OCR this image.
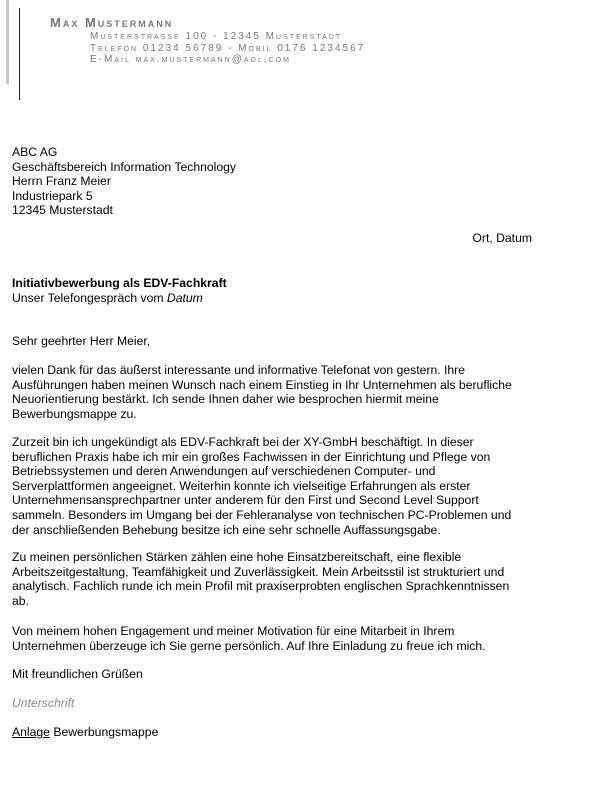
Max Mustermann
Musterstrasse 100 - 12345 Musterstadt
Telefon 01234 56789 - Mobil 0176 1234567
E-Mail max.mustermann@aol.com
ABC AG
Geschäftsbereich Information Technology
Herrn Franz Meier
Industriepark 5
12345 Musterstadt
Ort, Datum
Initiativbewerbung als EDV-Fachkraft
Unser Telefongespräch vom Datum
Sehr geehrter Herr Meier,
vielen Dank für das äußerst interessante und informative Telefonat von gestern. Ihre
Ausführungen haben meinen Wunsch nach einem Einstieg in Ihr Unternehmen als berufliche
Neuorientierung bestärkt. Ich sende Ihnen daher wie besprochen hiermit meine
Bewerbungsmappe zu.
Zurzeit bin ich ungekündigt als EDV-Fachkraft bei der XY-GmbH beschäftigt. In dieser
beruflichen Praxis habe ich mir ein großes Fachwissen in der Einrichtung und Pflege von
Betriebssystemen und deren Anwendungen auf verschiedenen Computer- und
Serverplattformen angeeignet. Weiterhin konnte ich vielseitige Erfahrungen als erster
Unternehmensansprechpartner unter anderem für den First und Second Level Support
sammeln. Besonders im Umgang bei der Fehleranalyse von technischen PC-Problemen und
der anschließenden Behebung besitze ich eine sehr schnelle Auffassungsgabe.
Zu meinen persönlichen Stärken zählen eine hohe Einsatzbereitschaft, eine flexible
Arbeitszeitgestaltung, Teamfähigkeit und Zuverlässigkeit. Mein Arbeitsstil ist strukturiert und
analytisch. Fachlich runde ich mein Profil mit praxiserprobten englischen Sprachkenntnissen
ab.
Von meinem hohen Engagement und meiner Motivation für eine Mitarbeit in Ihrem
Unternehmen überzeuge ich Sie gerne persönlich. Auf Ihre Einladung zu freue ich mich.
Mit freundlichen Grüßen
Unterschrift
Anlage Bewerbungsmappe
